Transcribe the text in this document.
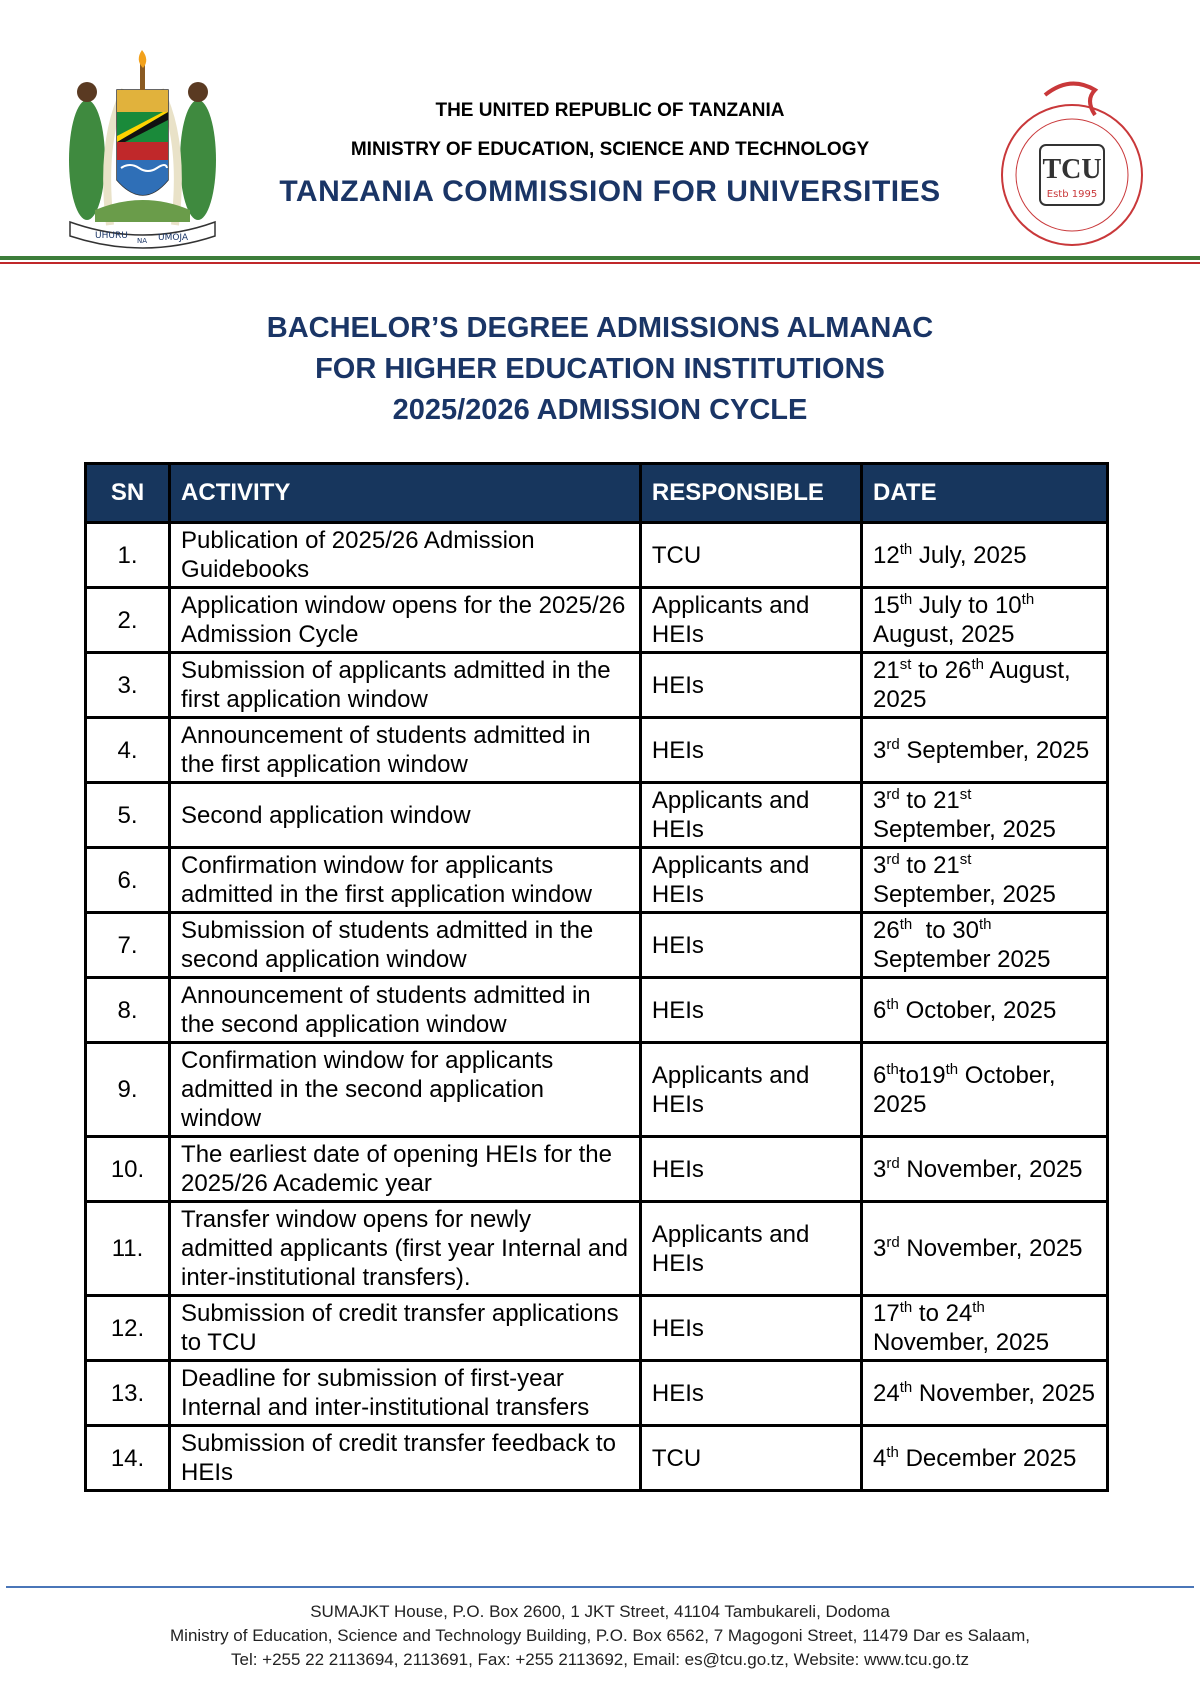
UHURU NA UMOJA
THE UNITED REPUBLIC OF TANZANIA
MINISTRY OF EDUCATION, SCIENCE AND TECHNOLOGY
TANZANIA COMMISSION FOR UNIVERSITIES
TCU
Estb 1995
BACHELOR’S DEGREE ADMISSIONS ALMANAC
FOR HIGHER EDUCATION INSTITUTIONS
2025/2026 ADMISSION CYCLE
SN	ACTIVITY	RESPONSIBLE	DATE
1.	Publication of 2025/26 Admission Guidebooks	TCU	12th July, 2025
2.	Application window opens for the 2025/26 Admission Cycle	Applicants and HEIs	15th July to 10th August, 2025
3.	Submission of applicants admitted in the first application window	HEIs	21st to 26th August, 2025
4.	Announcement of students admitted in the first application window	HEIs	3rd September, 2025
5.	Second application window	Applicants and HEIs	3rd to 21st September, 2025
6.	Confirmation window for applicants admitted in the first application window	Applicants and HEIs	3rd to 21st September, 2025
7.	Submission of students admitted in the second application window	HEIs	26th  to 30th September 2025
8.	Announcement of students admitted in the second application window	HEIs	6th October, 2025
9.	Confirmation window for applicants admitted in the second application window	Applicants and HEIs	6thto19th October, 2025
10.	The earliest date of opening HEIs for the 2025/26 Academic year	HEIs	3rd November, 2025
11.	Transfer window opens for newly admitted applicants (first year Internal and inter-institutional transfers).	Applicants and HEIs	3rd November, 2025
12.	Submission of credit transfer applications to TCU	HEIs	17th to 24th November, 2025
13.	Deadline for submission of first-year Internal and inter-institutional transfers	HEIs	24th November, 2025
14.	Submission of credit transfer feedback to HEIs	TCU	4th December 2025
SUMAJKT House, P.O. Box 2600, 1 JKT Street, 41104 Tambukareli, Dodoma
Ministry of Education, Science and Technology Building, P.O. Box 6562, 7 Magogoni Street, 11479 Dar es Salaam,
Tel: +255 22 2113694, 2113691, Fax: +255 2113692, Email: es@tcu.go.tz, Website: www.tcu.go.tz
